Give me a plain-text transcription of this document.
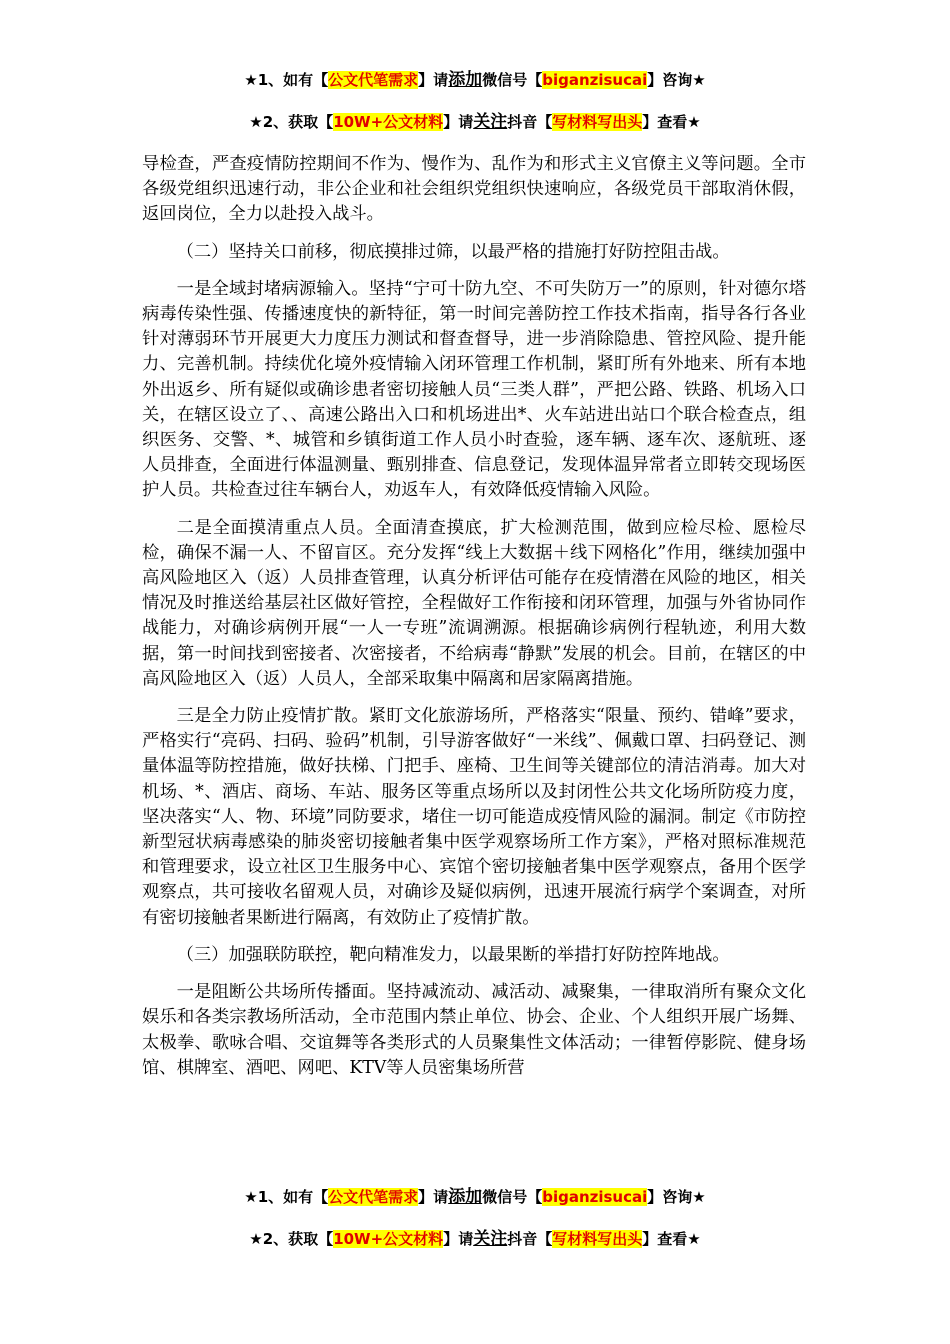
★1、如有【公文代笔需求】请添加微信号【biganzisucai】咨询★
★2、获取【10W+公文材料】请关注抖音【写材料写出头】查看★

导检查，严查疫情防控期间不作为、慢作为、乱作为和形式主义官僚主义等问题。全市各级党组织迅速行动，非公企业和社会组织党组织快速响应，各级党员干部取消休假，返回岗位，全力以赴投入战斗。

（二）坚持关口前移，彻底摸排过筛，以最严格的措施打好防控阻击战。

一是全域封堵病源输入。坚持“宁可十防九空、不可失防万一”的原则，针对德尔塔病毒传染性强、传播速度快的新特征，第一时间完善防控工作技术指南，指导各行各业针对薄弱环节开展更大力度压力测试和督查督导，进一步消除隐患、管控风险、提升能力、完善机制。持续优化境外疫情输入闭环管理工作机制，紧盯所有外地来、所有本地外出返乡、所有疑似或确诊患者密切接触人员“三类人群”，严把公路、铁路、机场入口关，在辖区设立了、、高速公路出入口和机场进出*、火车站进出站口个联合检查点，组织医务、交警、*、城管和乡镇街道工作人员小时查验，逐车辆、逐车次、逐航班、逐人员排查，全面进行体温测量、甄别排查、信息登记，发现体温异常者立即转交现场医护人员。共检查过往车辆台人，劝返车人，有效降低疫情输入风险。

二是全面摸清重点人员。全面清查摸底，扩大检测范围，做到应检尽检、愿检尽检，确保不漏一人、不留盲区。充分发挥“线上大数据＋线下网格化”作用，继续加强中高风险地区入（返）人员排查管理，认真分析评估可能存在疫情潜在风险的地区，相关情况及时推送给基层社区做好管控，全程做好工作衔接和闭环管理，加强与外省协同作战能力，对确诊病例开展“一人一专班”流调溯源。根据确诊病例行程轨迹，利用大数据，第一时间找到密接者、次密接者，不给病毒“静默”发展的机会。目前，在辖区的中高风险地区入（返）人员人，全部采取集中隔离和居家隔离措施。

三是全力防止疫情扩散。紧盯文化旅游场所，严格落实“限量、预约、错峰”要求，严格实行“亮码、扫码、验码”机制，引导游客做好“一米线”、佩戴口罩、扫码登记、测量体温等防控措施，做好扶梯、门把手、座椅、卫生间等关键部位的清洁消毒。加大对机场、*、酒店、商场、车站、服务区等重点场所以及封闭性公共文化场所防疫力度，坚决落实“人、物、环境”同防要求，堵住一切可能造成疫情风险的漏洞。制定《市防控新型冠状病毒感染的肺炎密切接触者集中医学观察场所工作方案》，严格对照标准规范和管理要求，设立社区卫生服务中心、宾馆个密切接触者集中医学观察点，备用个医学观察点，共可接收名留观人员，对确诊及疑似病例，迅速开展流行病学个案调查，对所有密切接触者果断进行隔离，有效防止了疫情扩散。

（三）加强联防联控，靶向精准发力，以最果断的举措打好防控阵地战。

一是阻断公共场所传播面。坚持减流动、减活动、减聚集，一律取消所有聚众文化娱乐和各类宗教场所活动，全市范围内禁止单位、协会、企业、个人组织开展广场舞、太极拳、歌咏合唱、交谊舞等各类形式的人员聚集性文体活动；一律暂停影院、健身场馆、棋牌室、酒吧、网吧、KTV等人员密集场所营

★1、如有【公文代笔需求】请添加微信号【biganzisucai】咨询★
★2、获取【10W+公文材料】请关注抖音【写材料写出头】查看★
